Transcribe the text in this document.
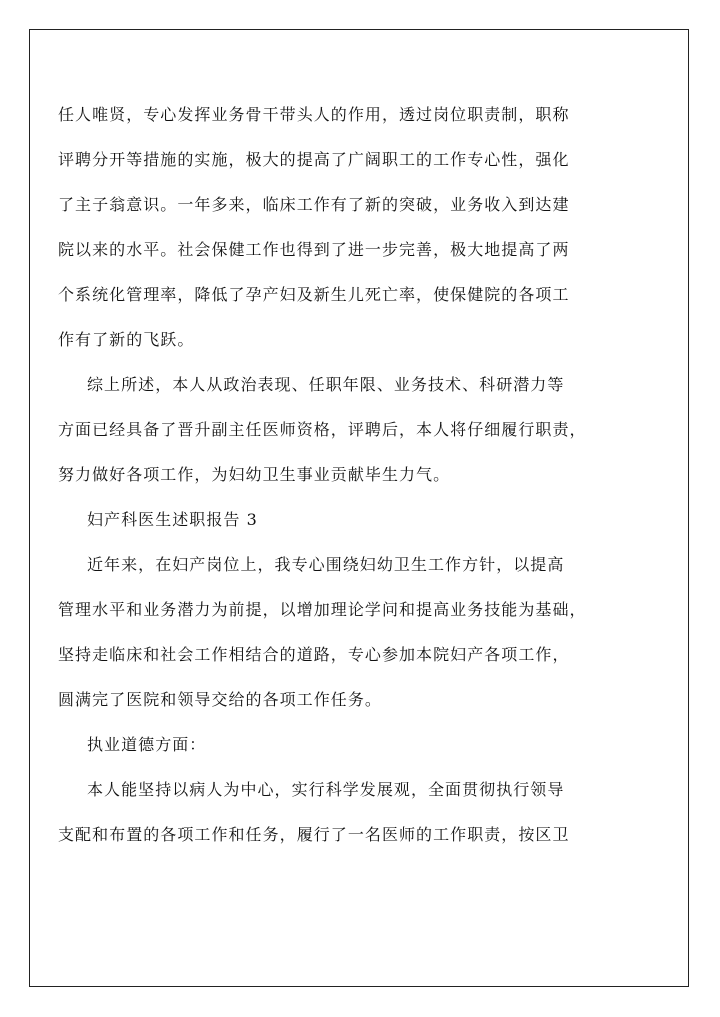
任人唯贤，专心发挥业务骨干带头人的作用，透过岗位职责制，职称
评聘分开等措施的实施，极大的提高了广阔职工的工作专心性，强化
了主子翁意识。一年多来，临床工作有了新的突破，业务收入到达建
院以来的水平。社会保健工作也得到了进一步完善，极大地提高了两
个系统化管理率，降低了孕产妇及新生儿死亡率，使保健院的各项工
作有了新的飞跃。
综上所述，本人从政治表现、任职年限、业务技术、科研潜力等
方面已经具备了晋升副主任医师资格，评聘后，本人将仔细履行职责，
努力做好各项工作，为妇幼卫生事业贡献毕生力气。
妇产科医生述职报告 3
近年来，在妇产岗位上，我专心围绕妇幼卫生工作方针，以提高
管理水平和业务潜力为前提，以增加理论学问和提高业务技能为基础，
坚持走临床和社会工作相结合的道路，专心参加本院妇产各项工作，
圆满完了医院和领导交给的各项工作任务。
执业道德方面：
本人能坚持以病人为中心，实行科学发展观，全面贯彻执行领导
支配和布置的各项工作和任务，履行了一名医师的工作职责，按区卫
